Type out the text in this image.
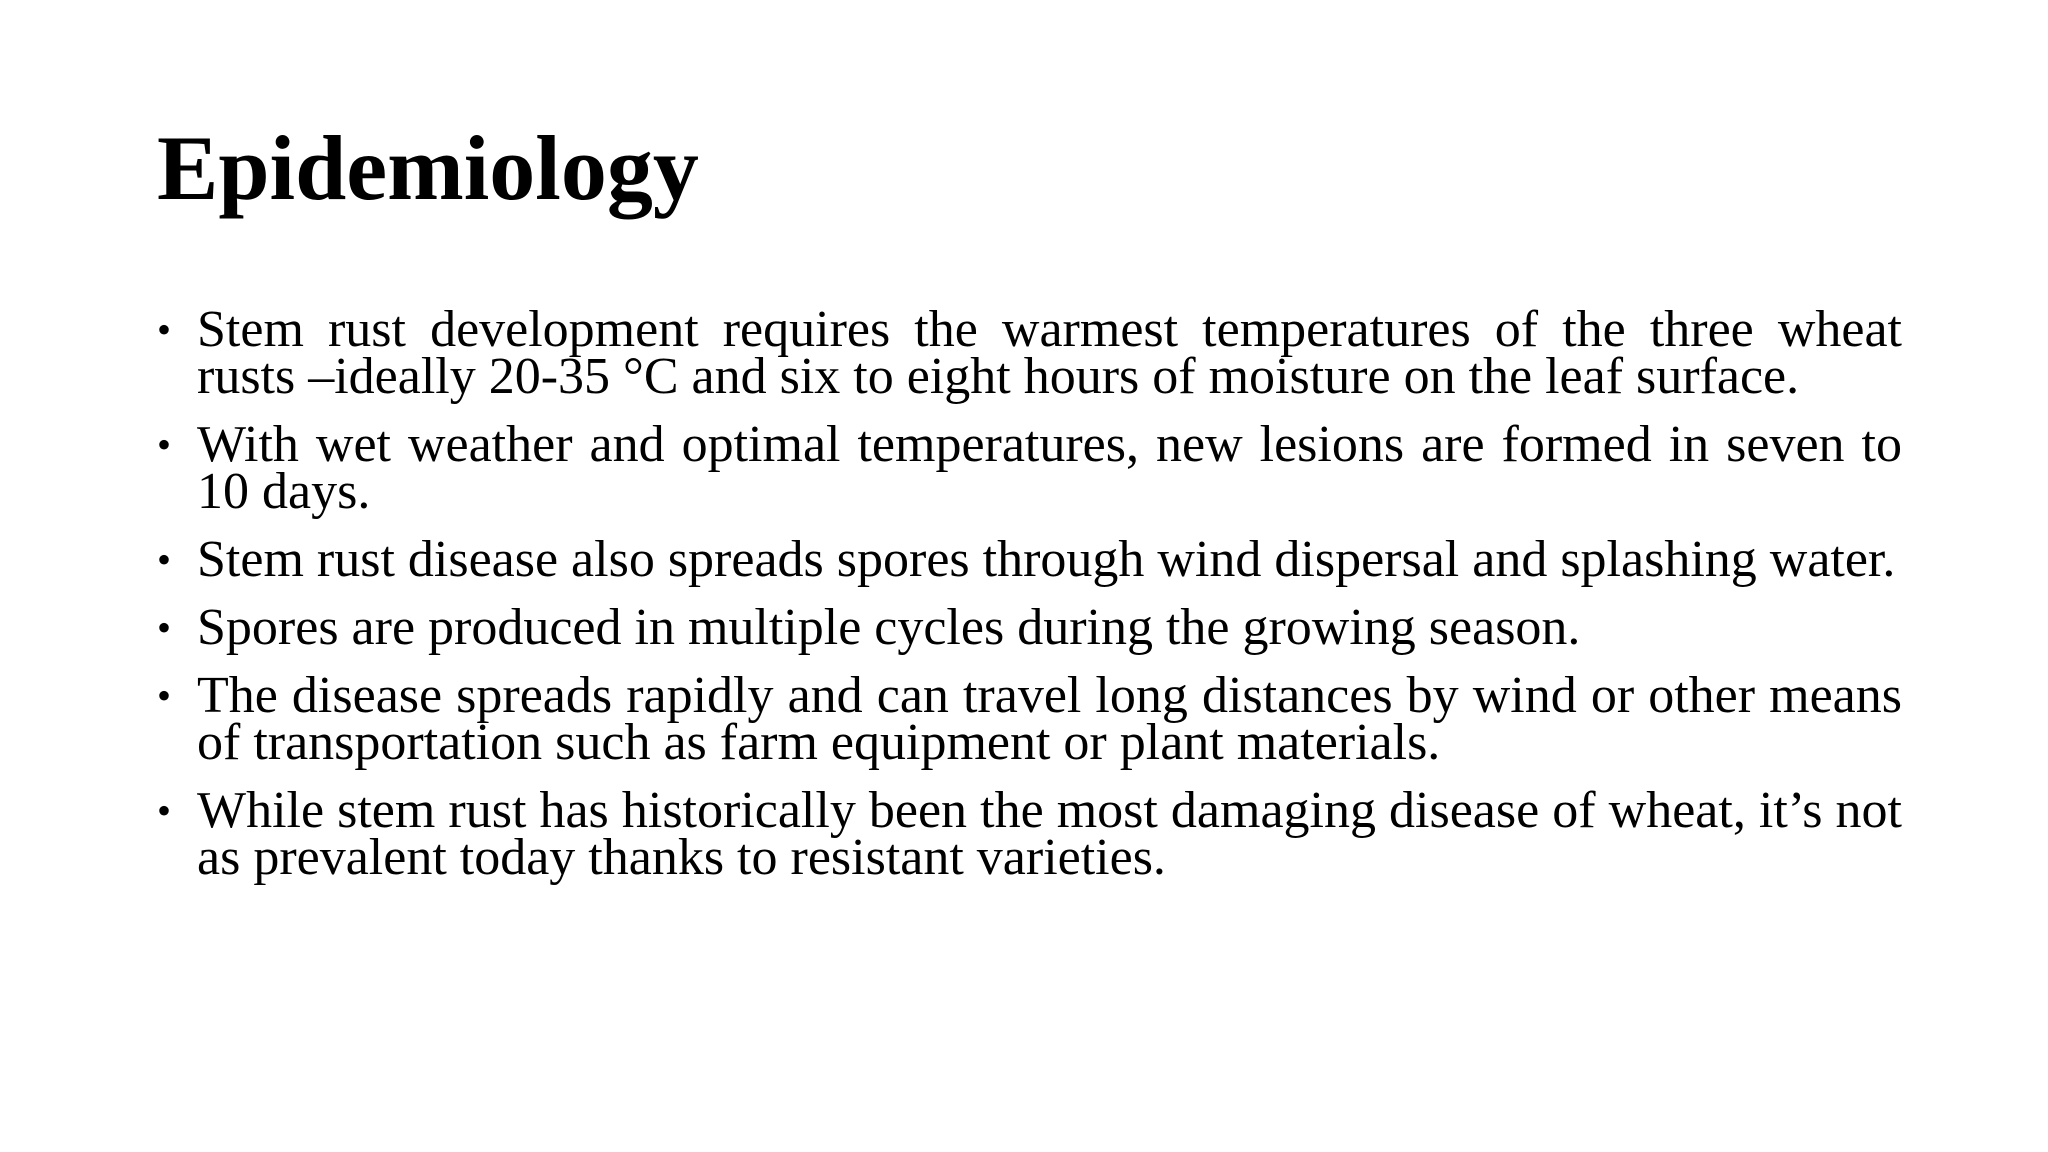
Epidemiology
• Stem rust development requires the warmest temperatures of the three wheat rusts –ideally 20-35 °C and six to eight hours of moisture on the leaf surface.
• With wet weather and optimal temperatures, new lesions are formed in seven to 10 days.
• Stem rust disease also spreads spores through wind dispersal and splashing water.
• Spores are produced in multiple cycles during the growing season.
• The disease spreads rapidly and can travel long distances by wind or other means of transportation such as farm equipment or plant materials.
• While stem rust has historically been the most damaging disease of wheat, it’s not as prevalent today thanks to resistant varieties.
